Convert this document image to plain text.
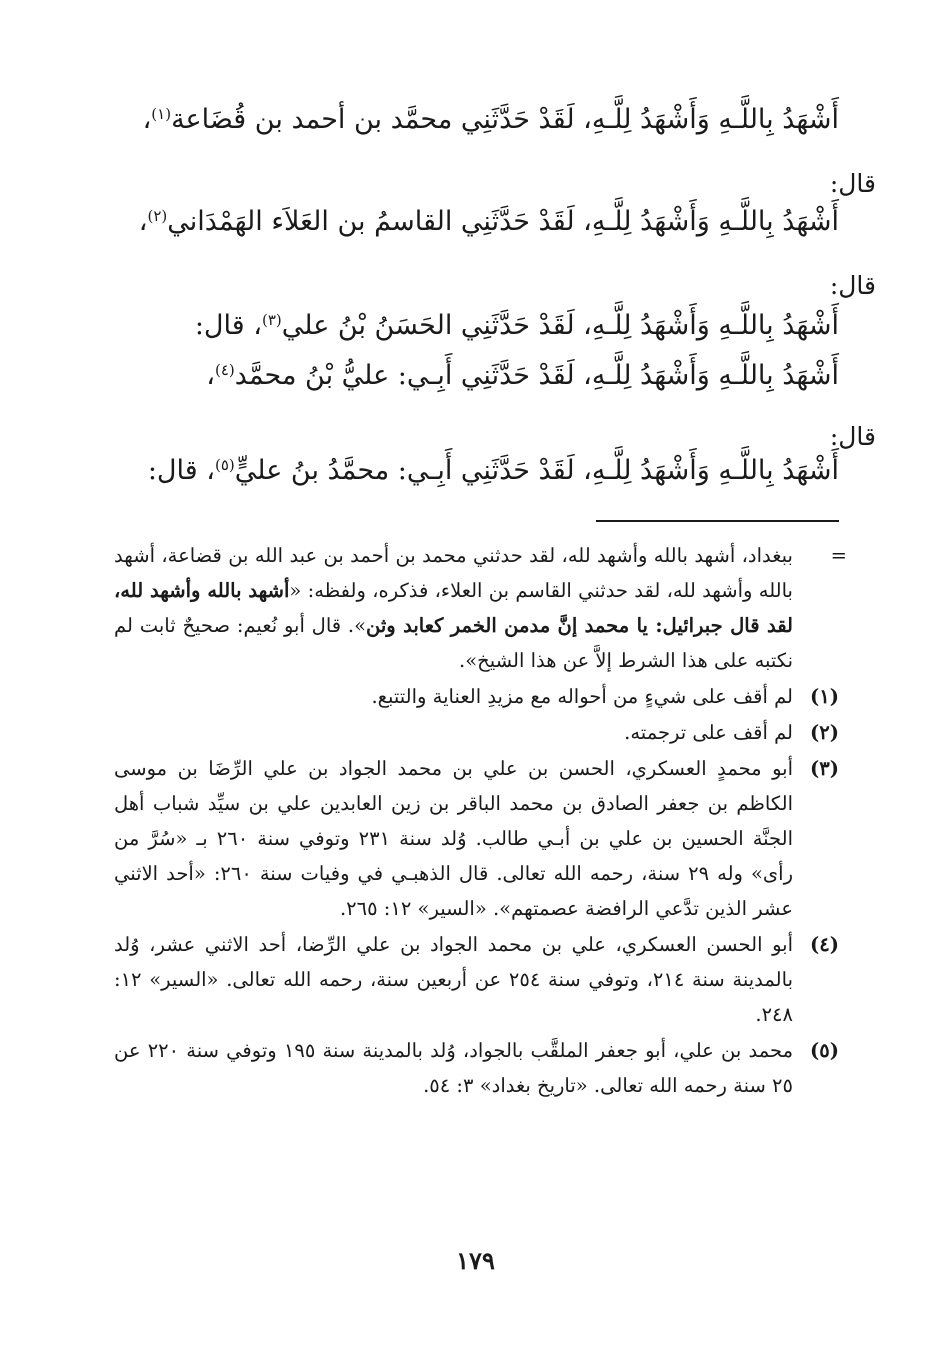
أَشْهَدُ بِاللَّـهِ وَأَشْهَدُ لِلَّـهِ، لَقَدْ حَدَّثَنِي محمَّد بن أحمد بن قُضَاعة$^{(١)}$،
قال:
أَشْهَدُ بِاللَّـهِ وَأَشْهَدُ لِلَّـهِ، لَقَدْ حَدَّثَنِي القاسمُ بن العَلاَء الهَمْدَاني$^{(٢)}$،
قال:
أَشْهَدُ بِاللَّـهِ وَأَشْهَدُ لِلَّـهِ، لَقَدْ حَدَّثَنِي الحَسَنُ بْنُ علي$^{(٣)}$، قال:
أَشْهَدُ بِاللَّـهِ وَأَشْهَدُ لِلَّـهِ، لَقَدْ حَدَّثَنِي أَبِـي: عليُّ بْنُ محمَّد$^{(٤)}$،
قال:
أَشْهَدُ بِاللَّـهِ وَأَشْهَدُ لِلَّـهِ، لَقَدْ حَدَّثَنِي أَبِـي: محمَّدُ بنُ عليٍّ$^{(٥)}$، قال:

=
ببغداد، أشهد بالله وأشهد لله، لقد حدثني محمد بن أحمد بن عبد الله بن قضاعة، أشهد بالله وأشهد لله، لقد حدثني القاسم بن العلاء، فذكره، ولفظه: «أشهد بالله وأشهد لله، لقد قال جبرائيل: يا محمد إنَّ مدمن الخمر كعابد وثن». قال أبو نُعيم: صحيحٌ ثابت لم نكتبه على هذا الشرط إلاَّ عن هذا الشيخ».

(١)
لم أقف على شيءٍ من أحواله مع مزيدِ العناية والتتبع.

(٢)
لم أقف على ترجمته.

(٣)
أبو محمدٍ العسكري، الحسن بن علي بن محمد الجواد بن علي الرِّضَا بن موسى الكاظم بن جعفر الصادق بن محمد الباقر بن زين العابدين علي بن سيِّد شباب أهل الجنَّة الحسين بن علي بن أبـي طالب. وُلد سنة ٢٣١ وتوفي سنة ٢٦٠ بـ «سُرَّ من رأى» وله ٢٩ سنة، رحمه الله تعالى. قال الذهبـي في وفيات سنة ٢٦٠: «أحد الاثني عشر الذين تدَّعي الرافضة عصمتهم». «السير» ١٢: ٢٦٥.

(٤)
أبو الحسن العسكري، علي بن محمد الجواد بن علي الرِّضا، أحد الاثني عشر، وُلد بالمدينة سنة ٢١٤، وتوفي سنة ٢٥٤ عن أربعين سنة، رحمه الله تعالى. «السير» ١٢: ٢٤٨.

(٥)
محمد بن علي، أبو جعفر الملقَّب بالجواد، وُلد بالمدينة سنة ١٩٥ وتوفي سنة ٢٢٠ عن ٢٥ سنة رحمه الله تعالى. «تاريخ بغداد» ٣: ٥٤.

١٧٩
